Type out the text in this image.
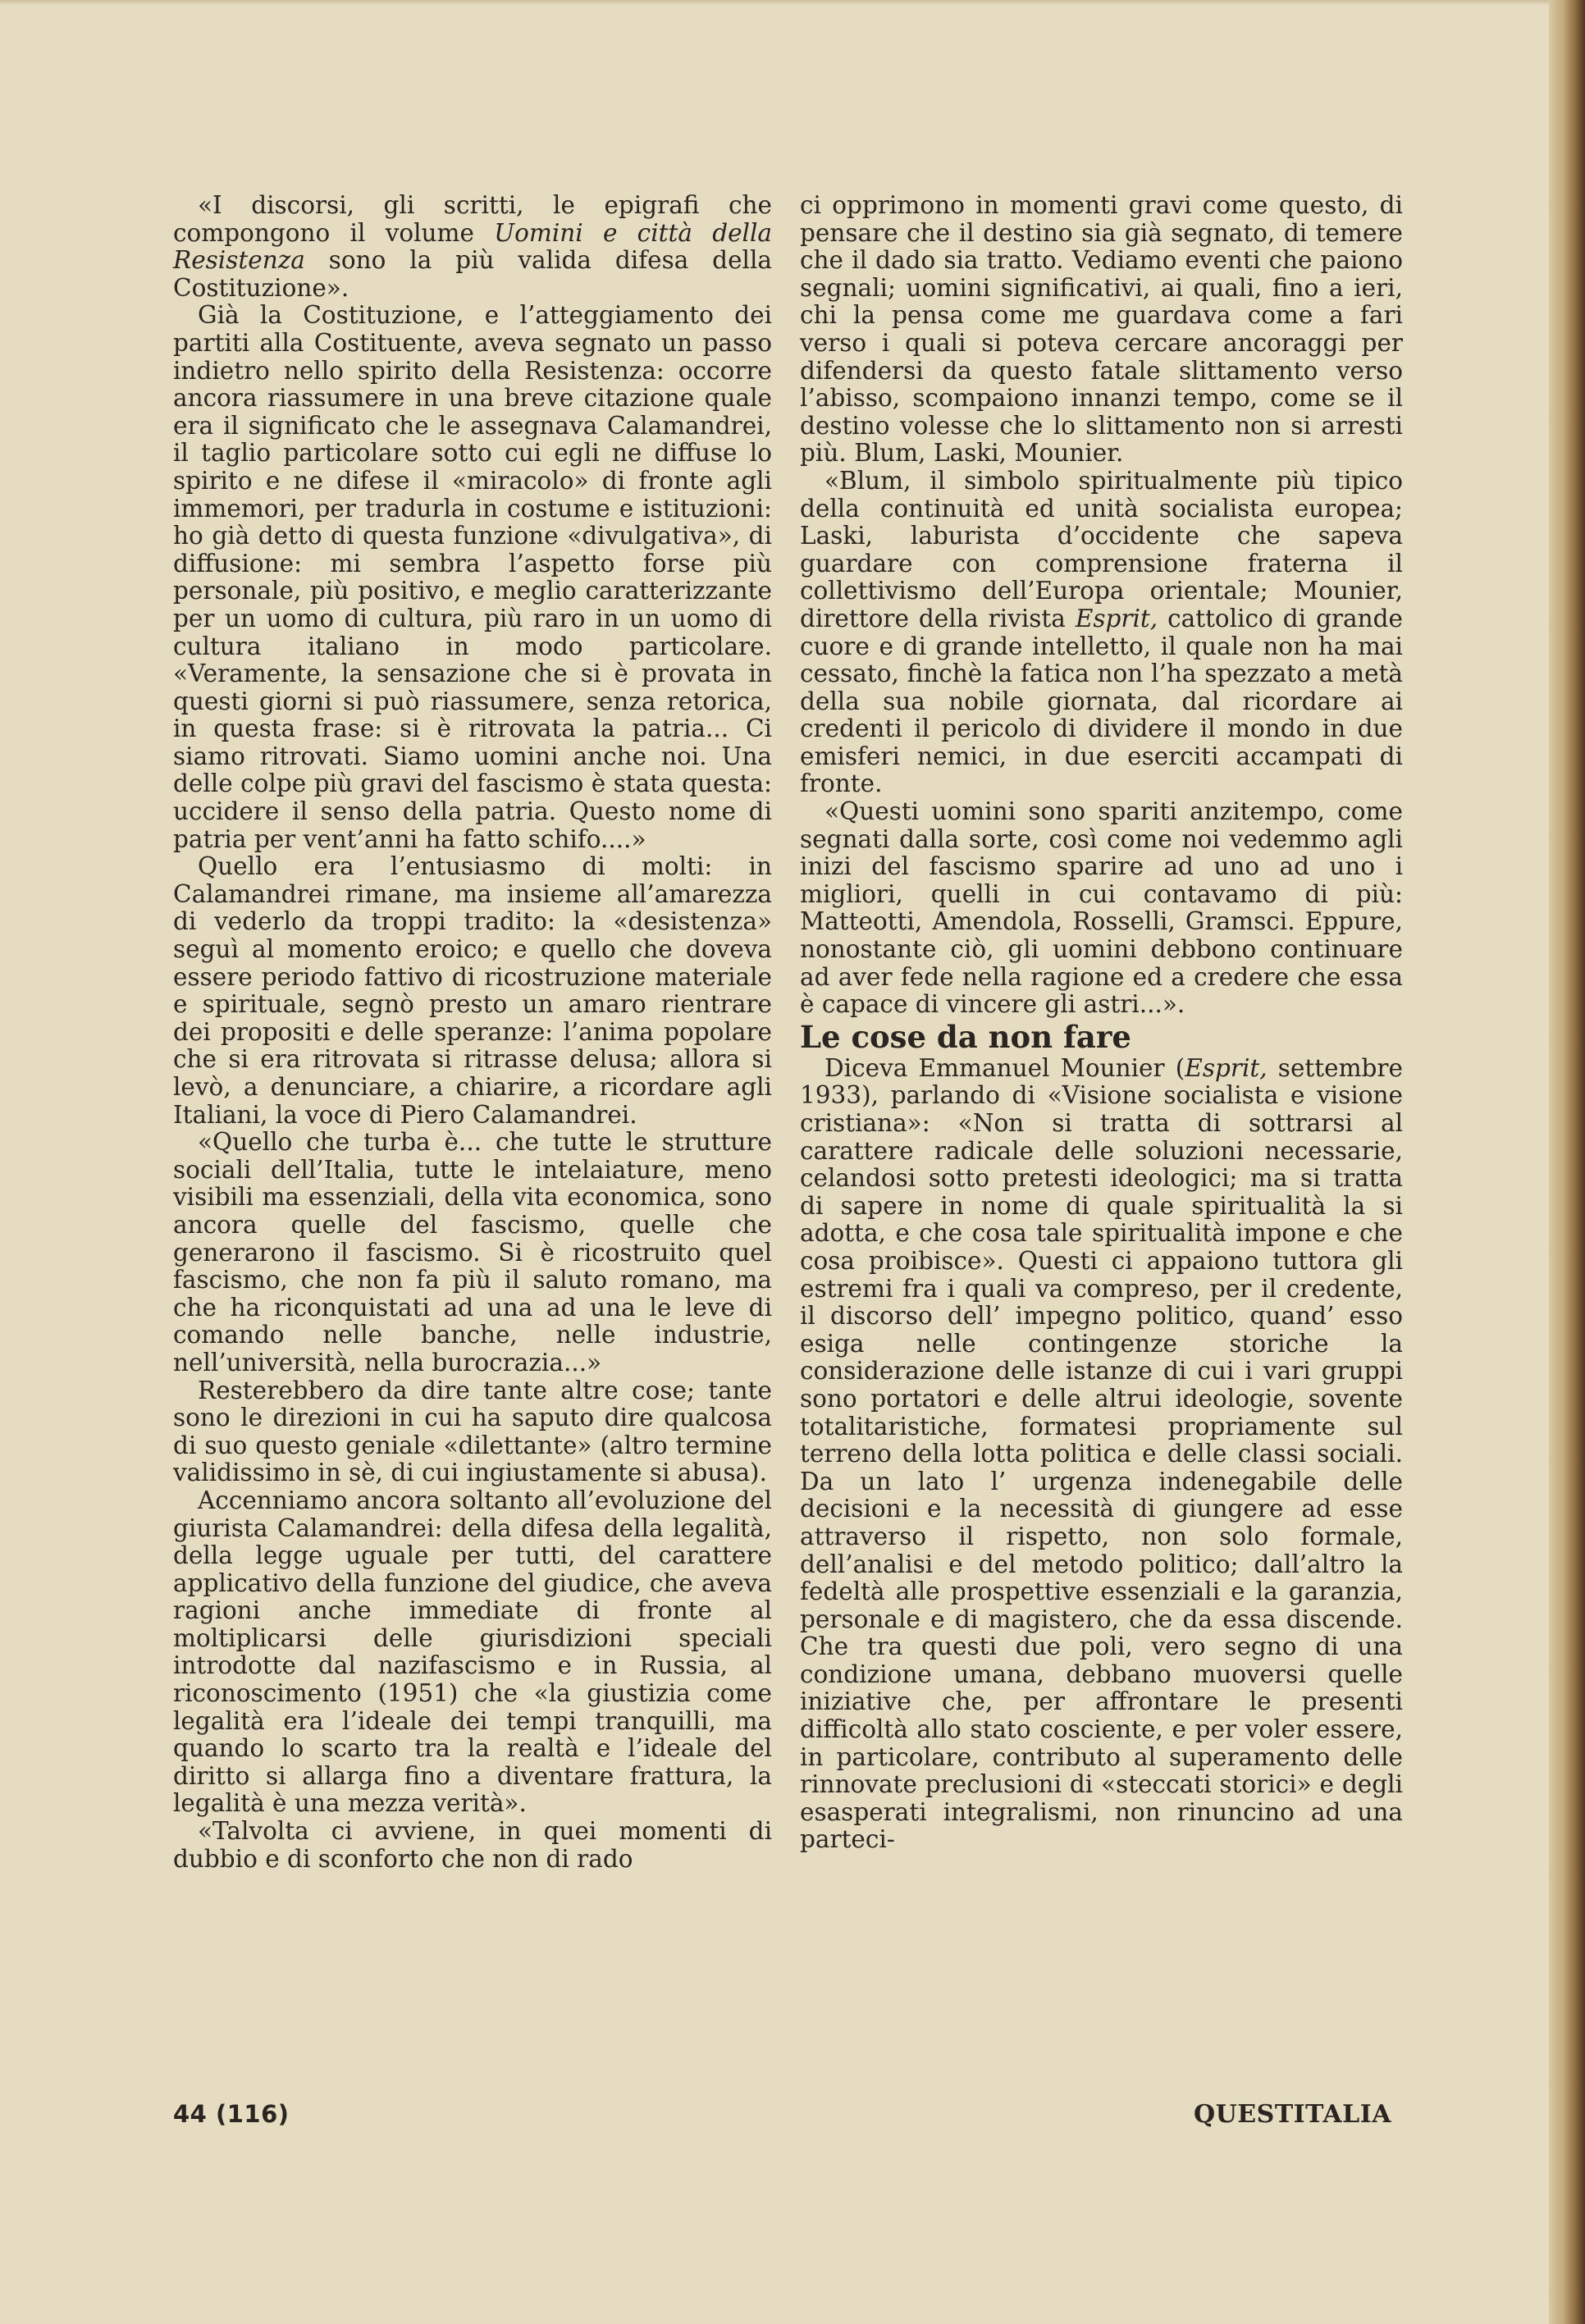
«I discorsi, gli scritti, le epigrafi che compongono il volume Uomini e città della Resistenza sono la più valida difesa della Costituzione».

Già la Costituzione, e l’atteggiamento dei partiti alla Costituente, aveva segnato un passo indietro nello spirito della Resistenza: occorre ancora riassumere in una breve citazione quale era il significato che le assegnava Calamandrei, il taglio particolare sotto cui egli ne diffuse lo spirito e ne difese il «miracolo» di fronte agli immemori, per tradurla in costume e istituzioni: ho già detto di questa funzione «divulgativa», di diffusione: mi sembra l’aspetto forse più personale, più positivo, e meglio caratterizzante per un uomo di cultura, più raro in un uomo di cultura italiano in modo particolare. «Veramente, la sensazione che si è provata in questi giorni si può riassumere, senza retorica, in questa frase: si è ritrovata la patria... Ci siamo ritrovati. Siamo uomini anche noi. Una delle colpe più gravi del fascismo è stata questa: uccidere il senso della patria. Questo nome di patria per vent’anni ha fatto schifo....»

Quello era l’entusiasmo di molti: in Calamandrei rimane, ma insieme all’amarezza di vederlo da troppi tradito: la «desistenza» seguì al momento eroico; e quello che doveva essere periodo fattivo di ricostruzione materiale e spirituale, segnò presto un amaro rientrare dei propositi e delle speranze: l’anima popolare che si era ritrovata si ritrasse delusa; allora si levò, a denunciare, a chiarire, a ricordare agli Italiani, la voce di Piero Calamandrei.

«Quello che turba è... che tutte le strutture sociali dell’Italia, tutte le intelaiature, meno visibili ma essenziali, della vita economica, sono ancora quelle del fascismo, quelle che generarono il fascismo. Si è ricostruito quel fascismo, che non fa più il saluto romano, ma che ha riconquistati ad una ad una le leve di comando nelle banche, nelle industrie, nell’università, nella burocrazia...»

Resterebbero da dire tante altre cose; tante sono le direzioni in cui ha saputo dire qualcosa di suo questo geniale «dilettante» (altro termine validissimo in sè, di cui ingiustamente si abusa).

Accenniamo ancora soltanto all’evoluzione del giurista Calamandrei: della difesa della legalità, della legge uguale per tutti, del carattere applicativo della funzione del giudice, che aveva ragioni anche immediate di fronte al moltiplicarsi delle giurisdizioni speciali introdotte dal nazifascismo e in Russia, al riconoscimento (1951) che «la giustizia come legalità era l’ideale dei tempi tranquilli, ma quando lo scarto tra la realtà e l’ideale del diritto si allarga fino a diventare frattura, la legalità è una mezza verità».

«Talvolta ci avviene, in quei momenti di dubbio e di sconforto che non di rado

ci opprimono in momenti gravi come questo, di pensare che il destino sia già segnato, di temere che il dado sia tratto. Vediamo eventi che paiono segnali; uomini significativi, ai quali, fino a ieri, chi la pensa come me guardava come a fari verso i quali si poteva cercare ancoraggi per difendersi da questo fatale slittamento verso l’abisso, scompaiono innanzi tempo, come se il destino volesse che lo slittamento non si arresti più. Blum, Laski, Mounier.

«Blum, il simbolo spiritualmente più tipico della continuità ed unità socialista europea; Laski, laburista d’occidente che sapeva guardare con comprensione fraterna il collettivismo dell’Europa orientale; Mounier, direttore della rivista Esprit, cattolico di grande cuore e di grande intelletto, il quale non ha mai cessato, finchè la fatica non l’ha spezzato a metà della sua nobile giornata, dal ricordare ai credenti il pericolo di dividere il mondo in due emisferi nemici, in due eserciti accampati di fronte.

«Questi uomini sono spariti anzitempo, come segnati dalla sorte, così come noi vedemmo agli inizi del fascismo sparire ad uno ad uno i migliori, quelli in cui contavamo di più: Matteotti, Amendola, Rosselli, Gramsci. Eppure, nonostante ciò, gli uomini debbono continuare ad aver fede nella ragione ed a credere che essa è capace di vincere gli astri...».

Le cose da non fare

Diceva Emmanuel Mounier (Esprit, settembre 1933), parlando di «Visione socialista e visione cristiana»: «Non si tratta di sottrarsi al carattere radicale delle soluzioni necessarie, celandosi sotto pretesti ideologici; ma si tratta di sapere in nome di quale spiritualità la si adotta, e che cosa tale spiritualità impone e che cosa proibisce». Questi ci appaiono tuttora gli estremi fra i quali va compreso, per il credente, il discorso dell’ impegno politico, quand’ esso esiga nelle contingenze storiche la considerazione delle istanze di cui i vari gruppi sono portatori e delle altrui ideologie, sovente totalitaristiche, formatesi propriamente sul terreno della lotta politica e delle classi sociali. Da un lato l’ urgenza indenegabile delle decisioni e la necessità di giungere ad esse attraverso il rispetto, non solo formale, dell’analisi e del metodo politico; dall’altro la fedeltà alle prospettive essenziali e la garanzia, personale e di magistero, che da essa discende. Che tra questi due poli, vero segno di una condizione umana, debbano muoversi quelle iniziative che, per affrontare le presenti difficoltà allo stato cosciente, e per voler essere, in particolare, contributo al superamento delle rinnovate preclusioni di «steccati storici» e degli esasperati integralismi, non rinuncino ad una parteci-

44 (116)	QUESTITALIA
